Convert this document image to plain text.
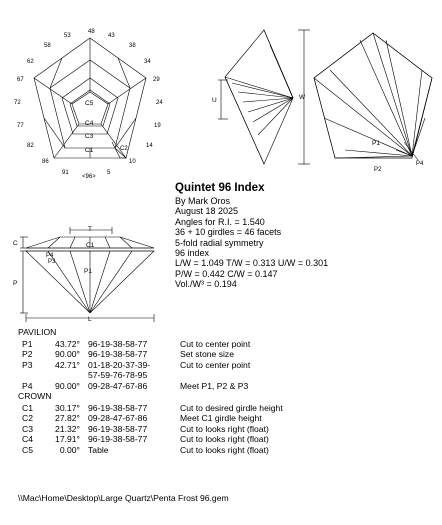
48
43
38
34
29
24
19
14
10
5
91
86
82
77
72
67
62
58
53
C5
C4
C3
C2
C1
<96>
U	W
P1
P2
P4
T
C
P
L
C1
P1
P4
P3
Quintet 96 Index
By Mark Oros
August 18 2025
Angles for R.I. = 1.540
36 + 10 girdles = 46 facets
5-fold radial symmetry
96 index
L/W = 1.049 T/W = 0.313 U/W = 0.301
P/W = 0.442 C/W = 0.147
Vol./W³ = 0.194
PAVILION
P1	43.72° 96-19-38-58-77	Cut to center point
P2	90.00° 96-19-38-58-77	Set stone size
P3	42.71° 01-18-20-37-39-
57-59-76-78-95
Cut to center point
P4	90.00° 09-28-47-67-86	Meet P1, P2 & P3
CROWN
C1	30.17° 96-19-38-58-77	Cut to desired girdle height
C2	27.82° 09-28-47-67-86	Meet C1 girdle height
C3	21.32° 96-19-38-58-77	Cut to looks right (float)
C4	17.91° 96-19-38-58-77	Cut to looks right (float)
C5	0.00° Table	Cut to looks right (float)
\\Mac\Home\Desktop\Large Quartz\Penta Frost 96.gem
